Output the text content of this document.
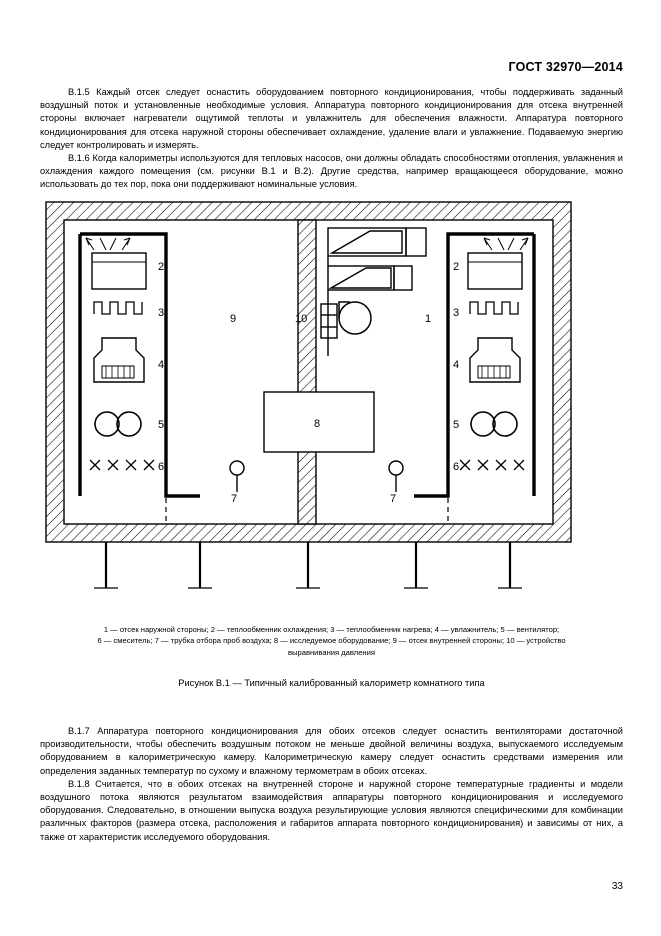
ГОСТ 32970—2014

В.1.5 Каждый отсек следует оснастить оборудованием повторного кондиционирования, чтобы поддерживать заданный воздушный поток и установленные необходимые условия. Аппаратура повторного кондиционирования для отсека внутренней стороны включает нагреватели ощутимой теплоты и увлажнитель для обеспечения влажности. Аппаратура повторного кондиционирования для отсека наружной стороны обеспечивает охлаждение, удаление влаги и увлажнение. Подаваемую энергию следует контролировать и измерять.

В.1.6 Когда калориметры используются для тепловых насосов, они должны обладать способностями отопления, увлажнения и охлаждения каждого помещения (см. рисунки В.1 и В.2). Другие средства, например вращающееся оборудование, можно использовать до тех пор, пока они поддерживают номинальные условия.

2
3
4
5
6
2
3
4
5
6
7	7
8
9	10	1
1 — отсек наружной стороны; 2 — теплообменник охлаждения; 3 — теплообменник нагрева; 4 — увлажнитель; 5 — вентилятор;
6 — смеситель; 7 — трубка отбора проб воздуха; 8 — исследуемое оборудование; 9 — отсек внутренней стороны; 10 — устройство
выравнивания давления
Рисунок В.1 — Типичный калиброванный калориметр комнатного типа

В.1.7 Аппаратура повторного кондиционирования для обоих отсеков следует оснастить вентиляторами достаточной производительности, чтобы обеспечить воздушным потоком не меньше двойной величины воздуха, выпускаемого исследуемым оборудованием в калориметрическую камеру. Калориметрическую камеру следует оснастить средствами измерения или определения заданных температур по сухому и влажному термометрам в обоих отсеках.

В.1.8 Считается, что в обоих отсеках на внутренней стороне и наружной стороне температурные градиенты и модели воздушного потока являются результатом взаимодействия аппаратуры повторного кондиционирования и исследуемого оборудования. Следовательно, в отношении выпуска воздуха результирующие условия являются специфическими для комбинации различных факторов (размера отсека, расположения и габаритов аппарата повторного кондиционирования) и зависимы от них, а также от характеристик исследуемого оборудования.

33
